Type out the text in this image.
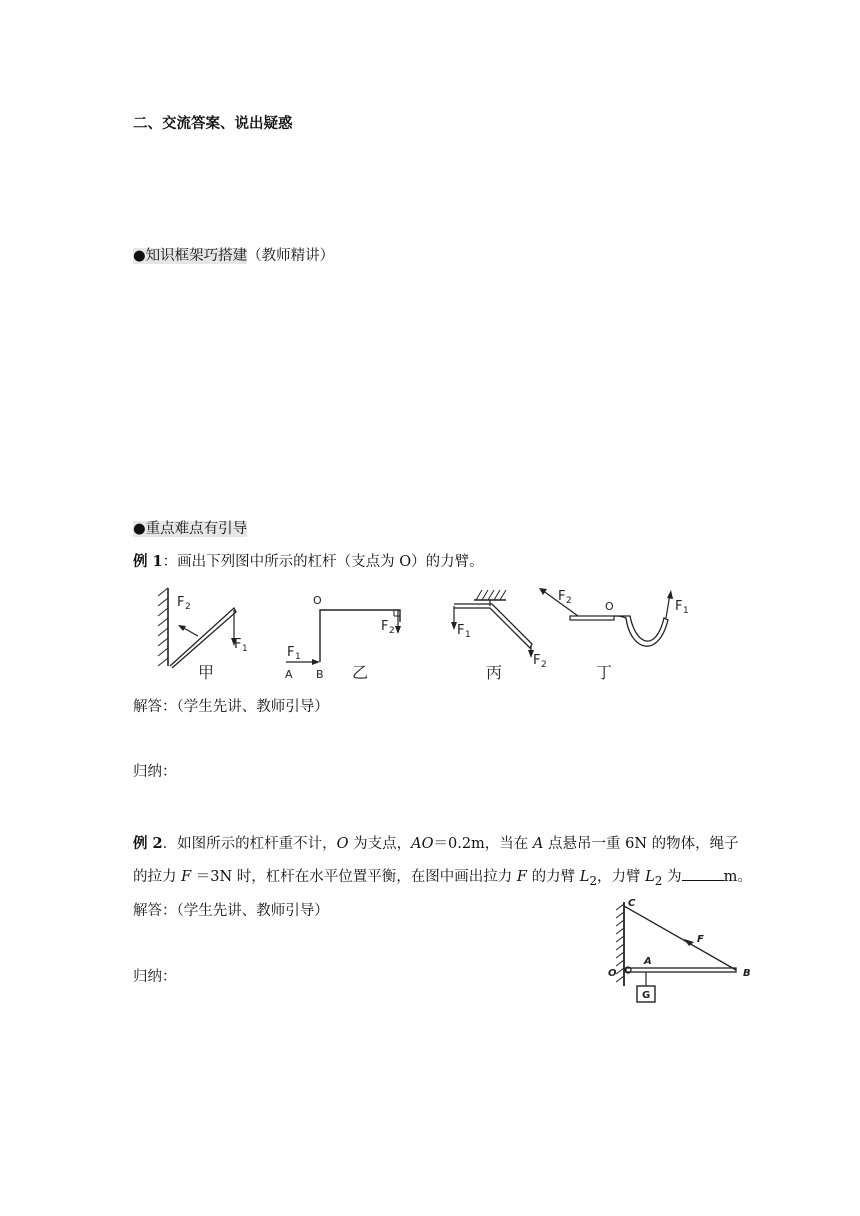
二、交流答案、说出疑惑
●知识框架巧搭建（教师精讲）
●重点难点有引导
例 1：画出下列图中所示的杠杆（支点为 O）的力臂。
F 2
F 1
甲
O
F 2
F 1
A B 乙
F 1
F 2
丙
F 2	O	F 1
丁
解答：（学生先讲、教师引导）
归纳：
例 2．如图所示的杠杆重不计，O 为支点，AO＝0.2m，当在 A 点悬吊一重 6N 的物体，绳子
的拉力 F ＝3N 时，杠杆在水平位置平衡，在图中画出拉力 F 的力臂 $L_2$，力臂 $L_2$ 为	m。
解答：（学生先讲、教师引导）
归纳：
C
F
O
A
B
G
